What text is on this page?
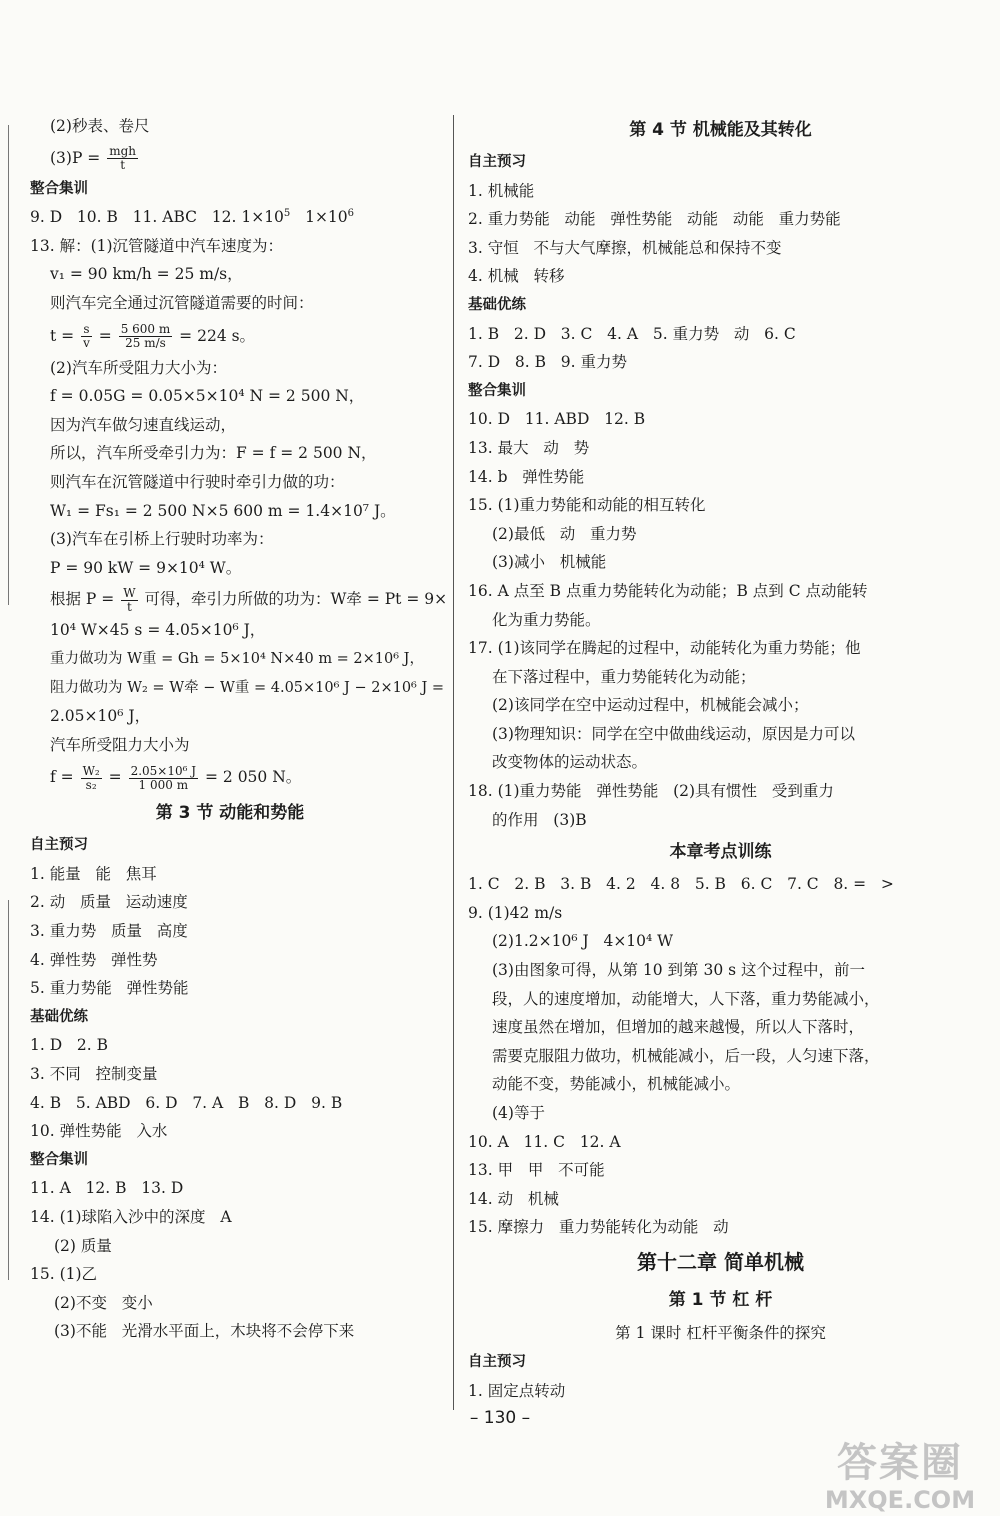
(2)秒表、卷尺
$(3)P = \frac{\text{mgh}}{t}$
整合集训
9. D   10. B   11. ABC   12. $1\times 10^5$   $1\times 10^6$
13. 解：(1)沉管隧道中汽车速度为：
v₁ = 90 km/h = 25 m/s，
则汽车完全通过沉管隧道需要的时间：
$t = \frac{s}{v} = \frac{5 600 m}{25 m/s} = 224$ s。
(2)汽车所受阻力大小为：
f = 0.05G = 0.05×5×10⁴ N = 2 500 N，
因为汽车做匀速直线运动，
所以，汽车所受牵引力为：F = f = 2 500 N，
则汽车在沉管隧道中行驶时牵引力做的功：
W₁ = Fs₁ = 2 500 N×5 600 m = 1.4×10⁷ J。
(3)汽车在引桥上行驶时功率为：
P = 90 kW = 9×10⁴ W。
根据 $P = \frac{W}{t}$ 可得，牵引力所做的功为：W牵 = Pt = 9×
10⁴ W×45 s = 4.05×10⁶ J，
重力做功为 W重 = Gh = 5×10⁴ N×40 m = 2×10⁶ J，
阻力做功为 W₂ = W牵 − W重 = 4.05×10⁶ J − 2×10⁶ J =
2.05×10⁶ J，
汽车所受阻力大小为
$f = \frac{\text{W₂}}{\text{s₂}} = \frac{\text{2.05×10⁶ J}}{1 000 m} = 2$ 050 N。
第 3 节 动能和势能
自主预习
1. 能量   能   焦耳
2. 动   质量   运动速度
3. 重力势   质量   高度
4. 弹性势   弹性势
5. 重力势能   弹性势能
基础优练
1. D   2. B
3. 不同   控制变量
4. B   5. ABD   6. D   7. A   B   8. D   9. B
10. 弹性势能   入水
整合集训
11. A   12. B   13. D
14. (1)球陷入沙中的深度   A
(2) 质量
15. (1)乙
(2)不变   变小
(3)不能   光滑水平面上，木块将不会停下来
第 4 节 机械能及其转化
自主预习
1. 机械能
2. 重力势能   动能   弹性势能   动能   动能   重力势能
3. 守恒   不与大气摩擦，机械能总和保持不变
4. 机械   转移
基础优练
1. B   2. D   3. C   4. A   5. 重力势   动   6. C
7. D   8. B   9. 重力势
整合集训
10. D   11. ABD   12. B
13. 最大   动   势
14. b   弹性势能
15. (1)重力势能和动能的相互转化
(2)最低   动   重力势
(3)减小   机械能
16. A 点至 B 点重力势能转化为动能；B 点到 C 点动能转
化为重力势能。
17. (1)该同学在腾起的过程中，动能转化为重力势能；他
在下落过程中，重力势能转化为动能；
(2)该同学在空中运动过程中，机械能会减小；
(3)物理知识：同学在空中做曲线运动，原因是力可以
改变物体的运动状态。
18. (1)重力势能   弹性势能   (2)具有惯性   受到重力
的作用   (3)B
本章考点训练
1. C   2. B   3. B   4. 2   4. 8   5. B   6. C   7. C   8. =   >
9. (1)42 m/s
(2)1.2×10⁶ J   4×10⁴ W
(3)由图象可得，从第 10 到第 30 s 这个过程中，前一
段，人的速度增加，动能增大，人下落，重力势能减小，
速度虽然在增加，但增加的越来越慢，所以人下落时，
需要克服阻力做功，机械能减小，后一段，人匀速下落，
动能不变，势能减小，机械能减小。
(4)等于
10. A   11. C   12. A
13. 甲   甲   不可能
14. 动   机械
15. 摩擦力   重力势能转化为动能   动
第十二章 简单机械
第 1 节 杠 杆
第 1 课时 杠杆平衡条件的探究
自主预习
1. 固定点转动
– 130 –
答案圈
MXQE.COM
